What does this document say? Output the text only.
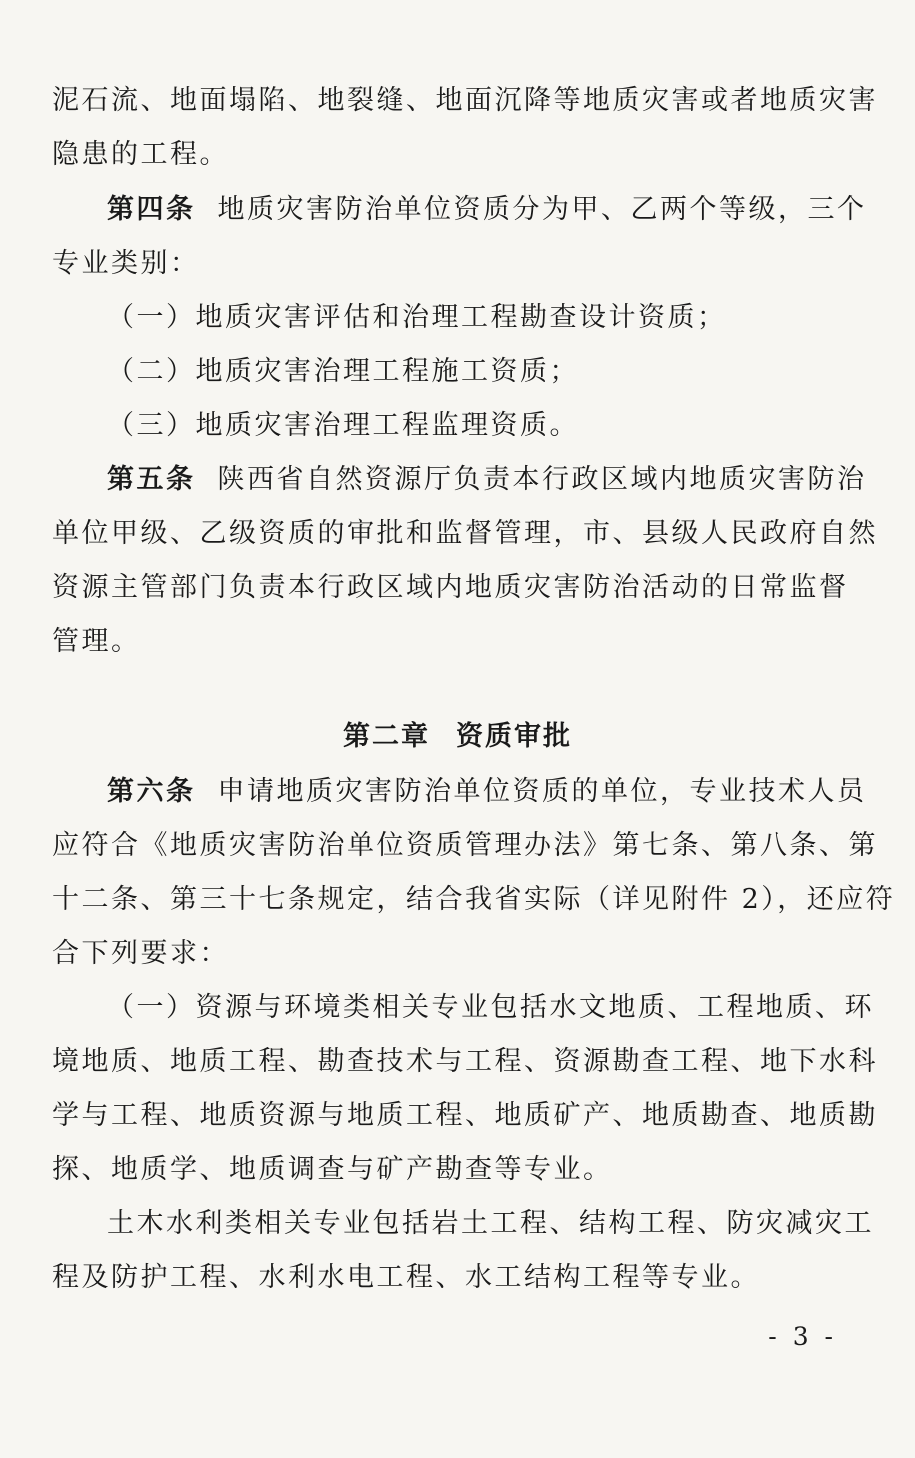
泥石流、地面塌陷、地裂缝、地面沉降等地质灾害或者地质灾害
隐患的工程。
第四条 地质灾害防治单位资质分为甲、乙两个等级，三个
专业类别：
（一）地质灾害评估和治理工程勘查设计资质；
（二）地质灾害治理工程施工资质；
（三）地质灾害治理工程监理资质。
第五条 陕西省自然资源厅负责本行政区域内地质灾害防治
单位甲级、乙级资质的审批和监督管理，市、县级人民政府自然
资源主管部门负责本行政区域内地质灾害防治活动的日常监督
管理。
第二章 资质审批
第六条 申请地质灾害防治单位资质的单位，专业技术人员
应符合《地质灾害防治单位资质管理办法》第七条、第八条、第
十二条、第三十七条规定，结合我省实际（详见附件 2），还应符
合下列要求：
（一）资源与环境类相关专业包括水文地质、工程地质、环
境地质、地质工程、勘查技术与工程、资源勘查工程、地下水科
学与工程、地质资源与地质工程、地质矿产、地质勘查、地质勘
探、地质学、地质调查与矿产勘查等专业。
土木水利类相关专业包括岩土工程、结构工程、防灾减灾工
程及防护工程、水利水电工程、水工结构工程等专业。
- 3 -
